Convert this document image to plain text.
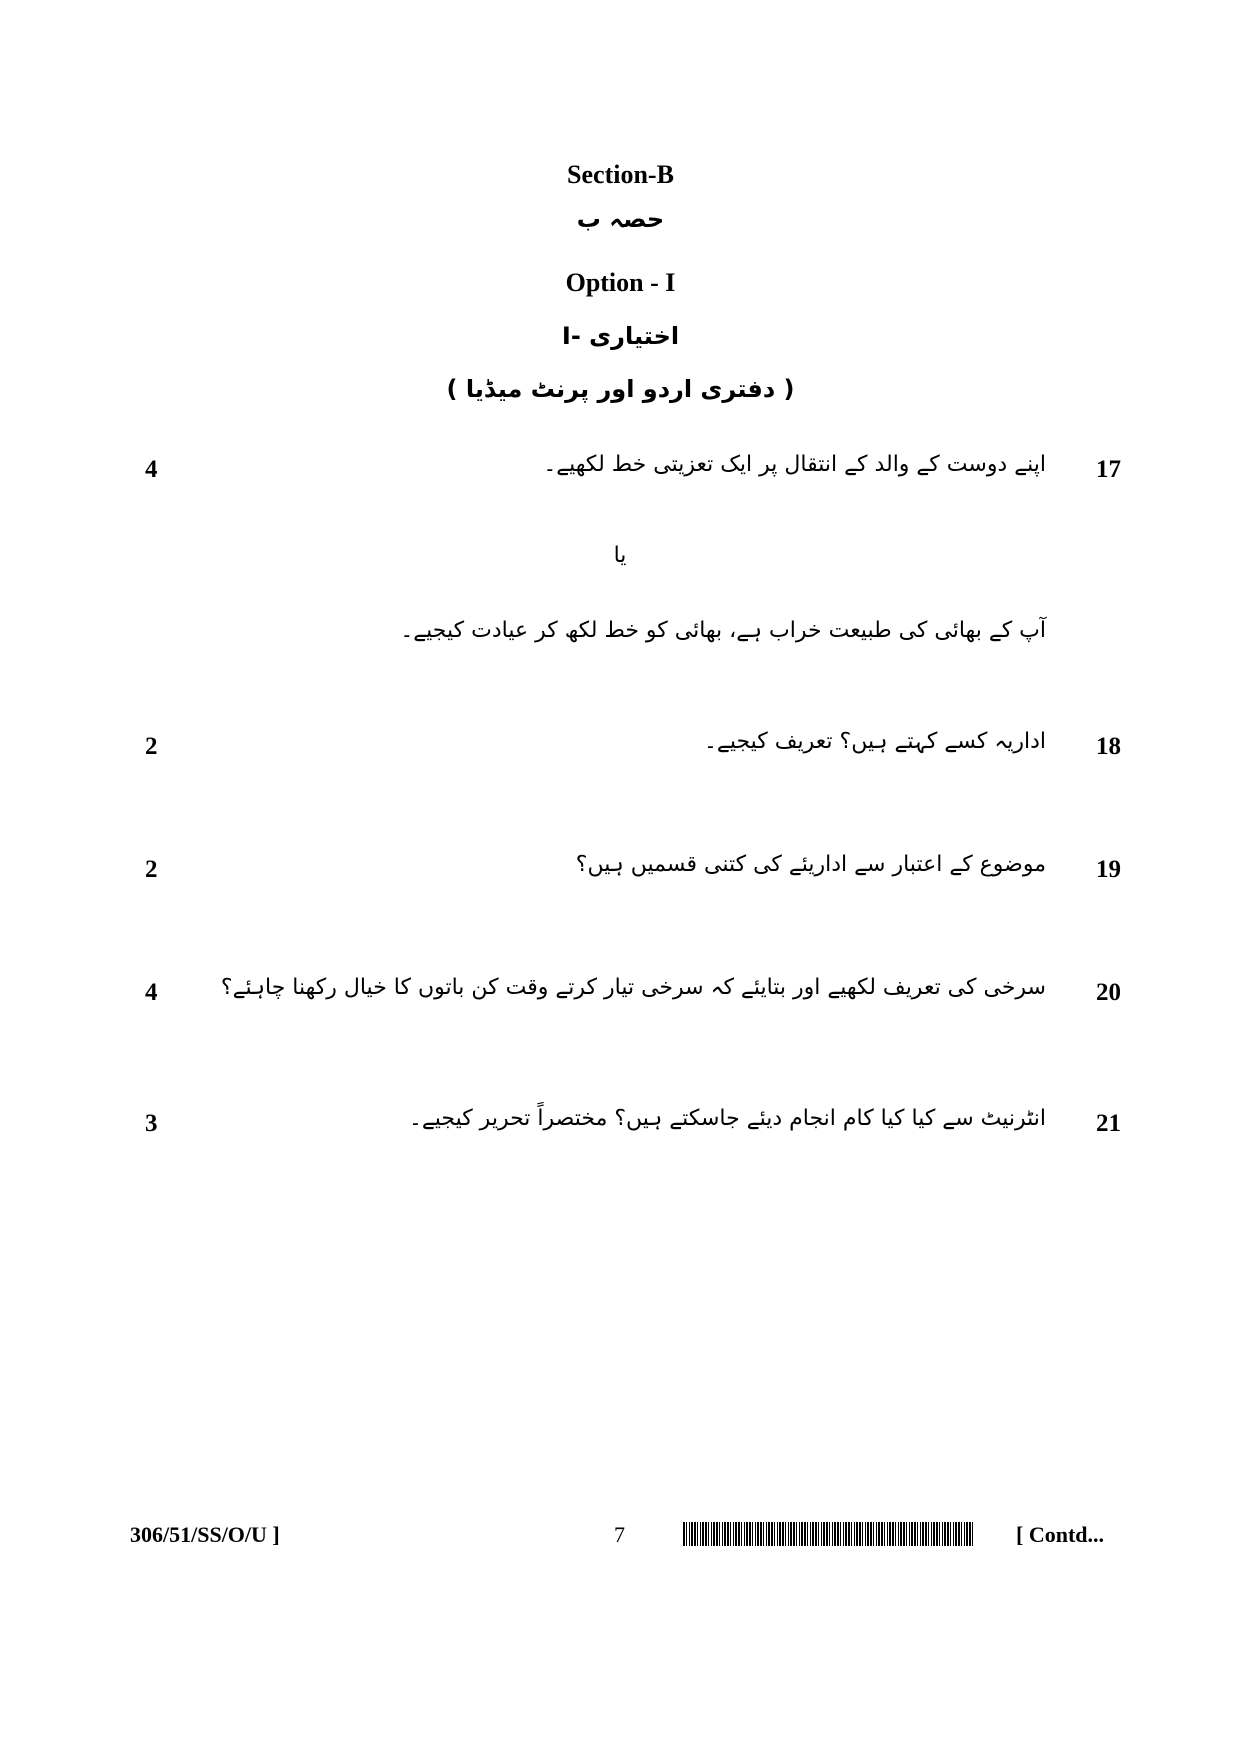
Section-B
حصہ ب
Option - I
اختیاری -I
( دفتری اردو اور پرنٹ میڈیا )
17
اپنے دوست کے والد کے انتقال پر ایک تعزیتی خط لکھیے۔
4
یا
آپ کے بھائی کی طبیعت خراب ہے، بھائی کو خط لکھ کر عیادت کیجیے۔
18
اداریہ کسے کہتے ہیں؟ تعریف کیجیے۔
2
19
موضوع کے اعتبار سے اداریئے کی کتنی قسمیں ہیں؟
2
20
سرخی کی تعریف لکھیے اور بتایئے کہ سرخی تیار کرتے وقت کن باتوں کا خیال رکھنا چاہئے؟
4
21
انٹرنیٹ سے کیا کیا کام انجام دیئے جاسکتے ہیں؟ مختصراً تحریر کیجیے۔
3
306/51/SS/O/U ]	7	[ Contd...
